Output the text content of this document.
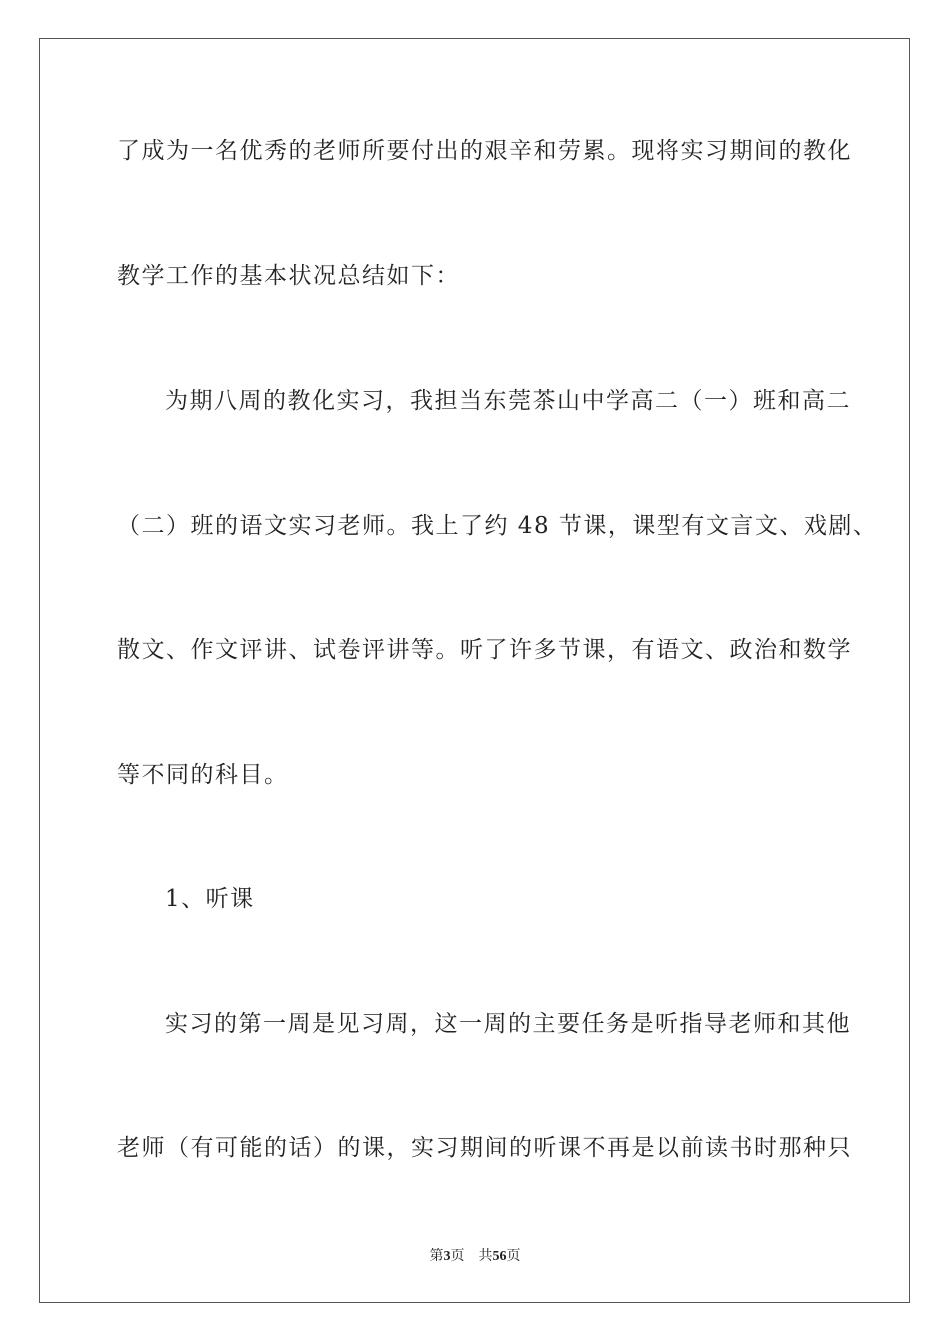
了成为一名优秀的老师所要付出的艰辛和劳累。现将实习期间的教化
教学工作的基本状况总结如下：
为期八周的教化实习，我担当东莞茶山中学高二（一）班和高二
（二）班的语文实习老师。我上了约 48 节课，课型有文言文、戏剧、
散文、作文评讲、试卷评讲等。听了许多节课，有语文、政治和数学
等不同的科目。
1、听课
实习的第一周是见习周，这一周的主要任务是听指导老师和其他
老师（有可能的话）的课，实习期间的听课不再是以前读书时那种只
第3页 共56页
